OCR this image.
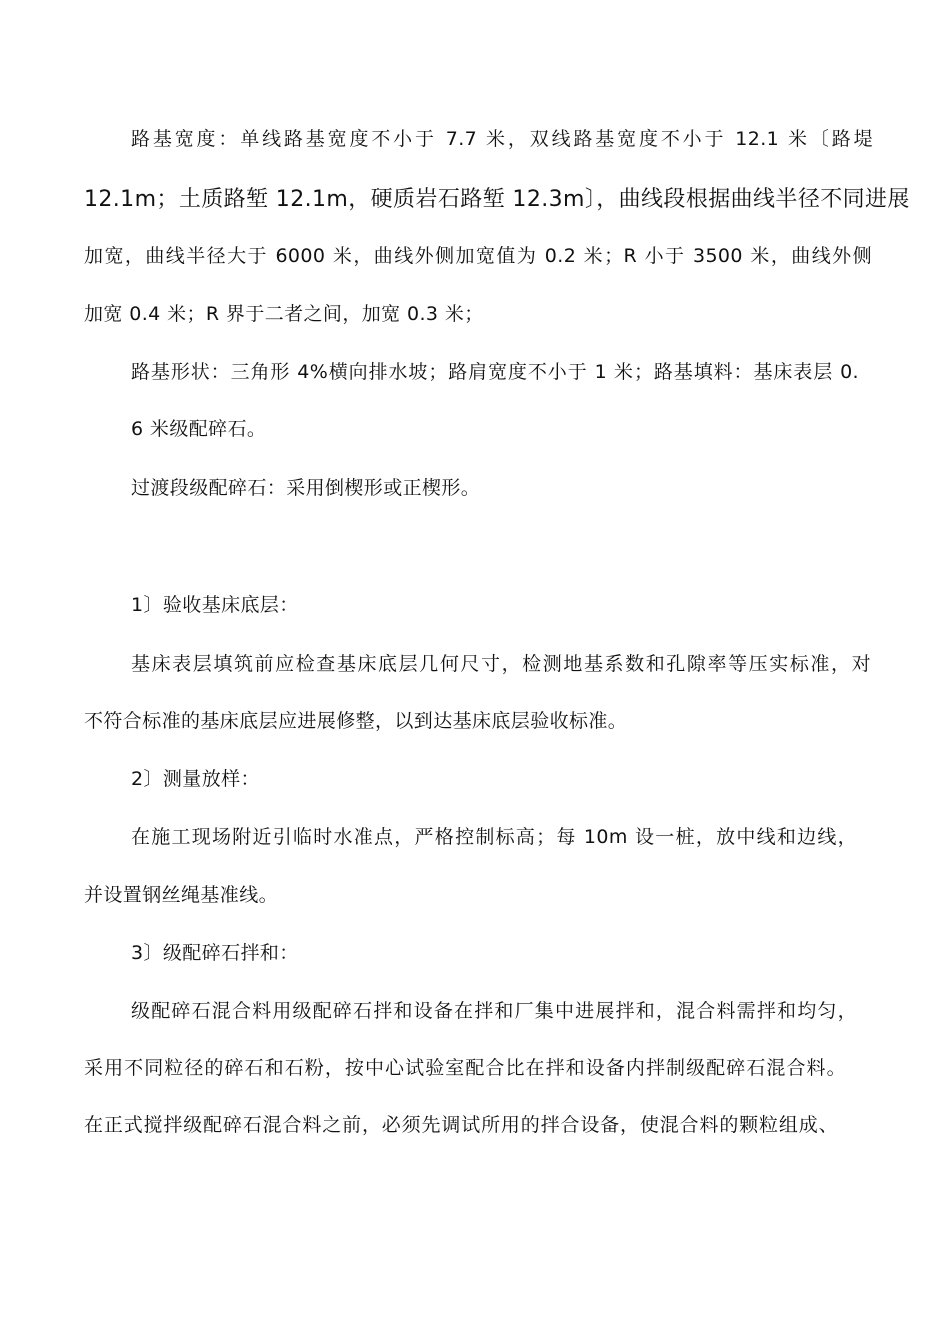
路基宽度：单线路基宽度不小于 7.7 米，双线路基宽度不小于 12.1 米〔路堤
12.1m；土质路堑 12.1m，硬质岩石路堑 12.3m〕，曲线段根据曲线半径不同进展
加宽，曲线半径大于 6000 米，曲线外侧加宽值为 0.2 米；R 小于 3500 米，曲线外侧
加宽 0.4 米；R 界于二者之间，加宽 0.3 米；
路基形状：三角形 4%横向排水坡；路肩宽度不小于 1 米；路基填料：基床表层 0.
6 米级配碎石。
过渡段级配碎石：采用倒楔形或正楔形。
1〕验收基床底层：
基床表层填筑前应检查基床底层几何尺寸，检测地基系数和孔隙率等压实标准，对
不符合标准的基床底层应进展修整，以到达基床底层验收标准。
2〕测量放样：
在施工现场附近引临时水准点，严格控制标高；每 10m 设一桩，放中线和边线，
并设置钢丝绳基准线。
3〕级配碎石拌和：
级配碎石混合料用级配碎石拌和设备在拌和厂集中进展拌和，混合料需拌和均匀，
采用不同粒径的碎石和石粉，按中心试验室配合比在拌和设备内拌制级配碎石混合料。
在正式搅拌级配碎石混合料之前，必须先调试所用的拌合设备，使混合料的颗粒组成、
